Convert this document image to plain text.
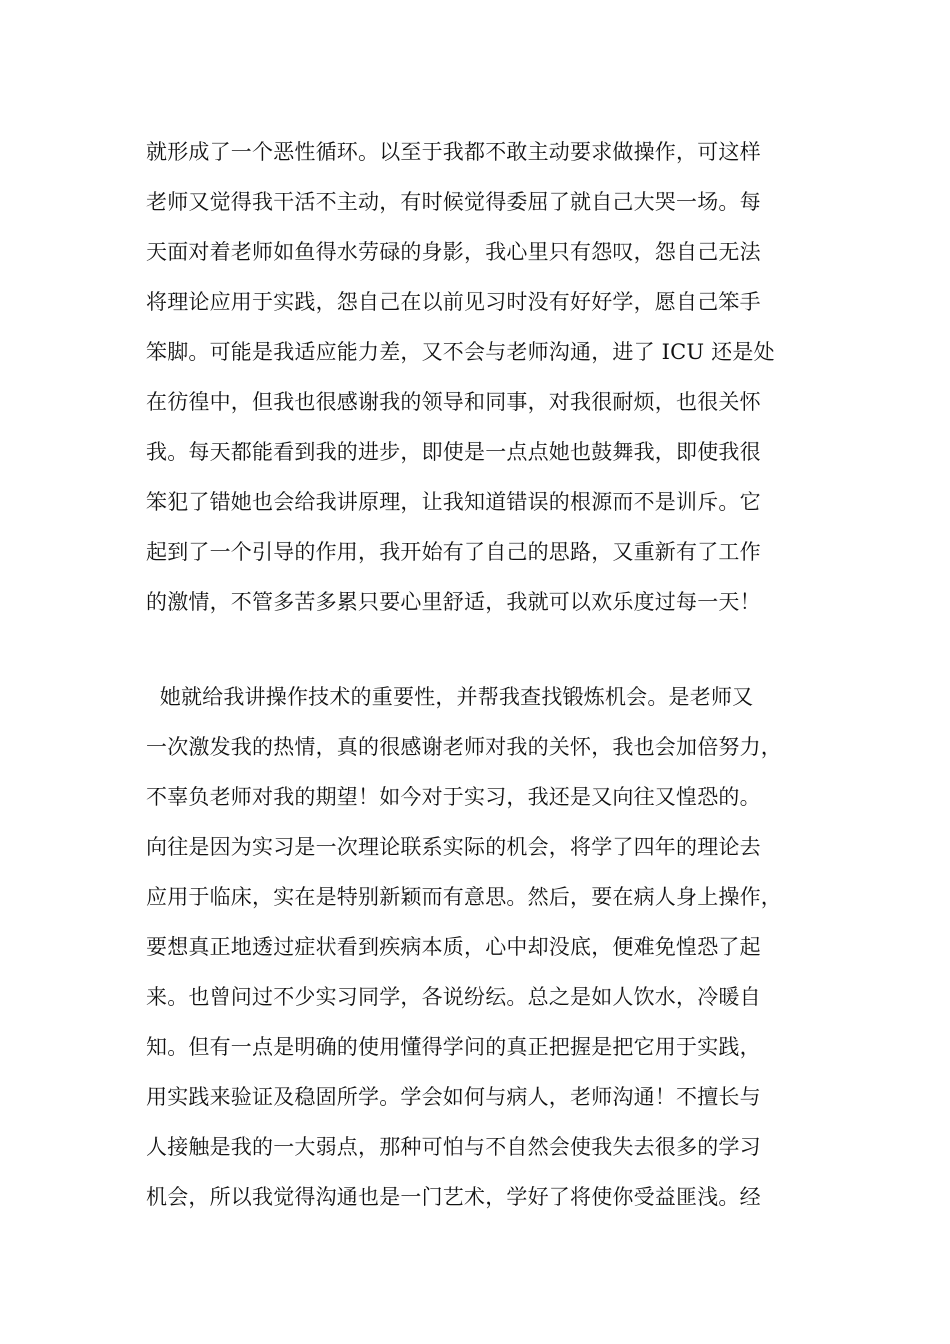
就形成了一个恶性循环。以至于我都不敢主动要求做操作，可这样
老师又觉得我干活不主动，有时候觉得委屈了就自己大哭一场。每
天面对着老师如鱼得水劳碌的身影，我心里只有怨叹，怨自己无法
将理论应用于实践，怨自己在以前见习时没有好好学，愿自己笨手
笨脚。可能是我适应能力差，又不会与老师沟通，进了 ICU 还是处
在彷徨中，但我也很感谢我的领导和同事，对我很耐烦，也很关怀
我。每天都能看到我的进步，即使是一点点她也鼓舞我，即使我很
笨犯了错她也会给我讲原理，让我知道错误的根源而不是训斥。它
起到了一个引导的作用，我开始有了自己的思路，又重新有了工作
的激情，不管多苦多累只要心里舒适，我就可以欢乐度过每一天！
她就给我讲操作技术的重要性，并帮我查找锻炼机会。是老师又
一次激发我的热情，真的很感谢老师对我的关怀，我也会加倍努力，
不辜负老师对我的期望！如今对于实习，我还是又向往又惶恐的。
向往是因为实习是一次理论联系实际的机会，将学了四年的理论去
应用于临床，实在是特别新颖而有意思。然后，要在病人身上操作，
要想真正地透过症状看到疾病本质，心中却没底，便难免惶恐了起
来。也曾问过不少实习同学，各说纷纭。总之是如人饮水，冷暖自
知。但有一点是明确的使用懂得学问的真正把握是把它用于实践，
用实践来验证及稳固所学。学会如何与病人，老师沟通！不擅长与
人接触是我的一大弱点，那种可怕与不自然会使我失去很多的学习
机会，所以我觉得沟通也是一门艺术，学好了将使你受益匪浅。经
